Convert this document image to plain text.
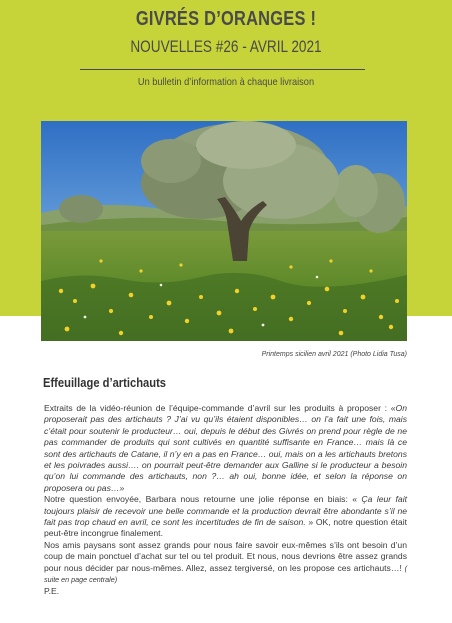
GIVRÉS D’ORANGES !
NOUVELLES #26 - AVRIL 2021
Un bulletin d’information à chaque livraison
Printemps sicilien avril 2021 (Photo Lidia Tusa)
Effeuillage d’artichauts

Extraits de la vidéo-réunion de l’équipe-commande d’avril sur les produits à proposer : «On proposerait pas des artichauts ? J’ai vu qu’ils étaient disponibles… on l’a fait une fois, mais c’était pour soutenir le producteur… oui, depuis le début des Givrés on prend pour règle de ne pas commander de produits qui sont cultivés en quantité suffisante en France… mais là ce sont des artichauts de Catane, il n’y en a pas en France… oui, mais on a les artichauts bretons et les poivrades aussi…. on pourrait peut-être demander aux Galline si le producteur a besoin qu’on lui commande des artichauts, non ?… ah oui, bonne idée, et selon la réponse on proposera ou pas…»

Notre question envoyée, Barbara nous retourne une jolie réponse en biais: « Ça leur fait toujours plaisir de recevoir une belle commande et la production devrait être abondante s’il ne fait pas trop chaud en avril, ce sont les incertitudes de fin de saison. » OK, notre question était peut-être incongrue finalement.

Nos amis paysans sont assez grands pour nous faire savoir eux-mêmes s’ils ont besoin d’un coup de main ponctuel d’achat sur tel ou tel produit. Et nous, nous devrions être assez grands pour nous décider par nous-mêmes. Allez, assez tergiversé, on les propose ces artichauts…! ( suite en page centrale)

P.E.
